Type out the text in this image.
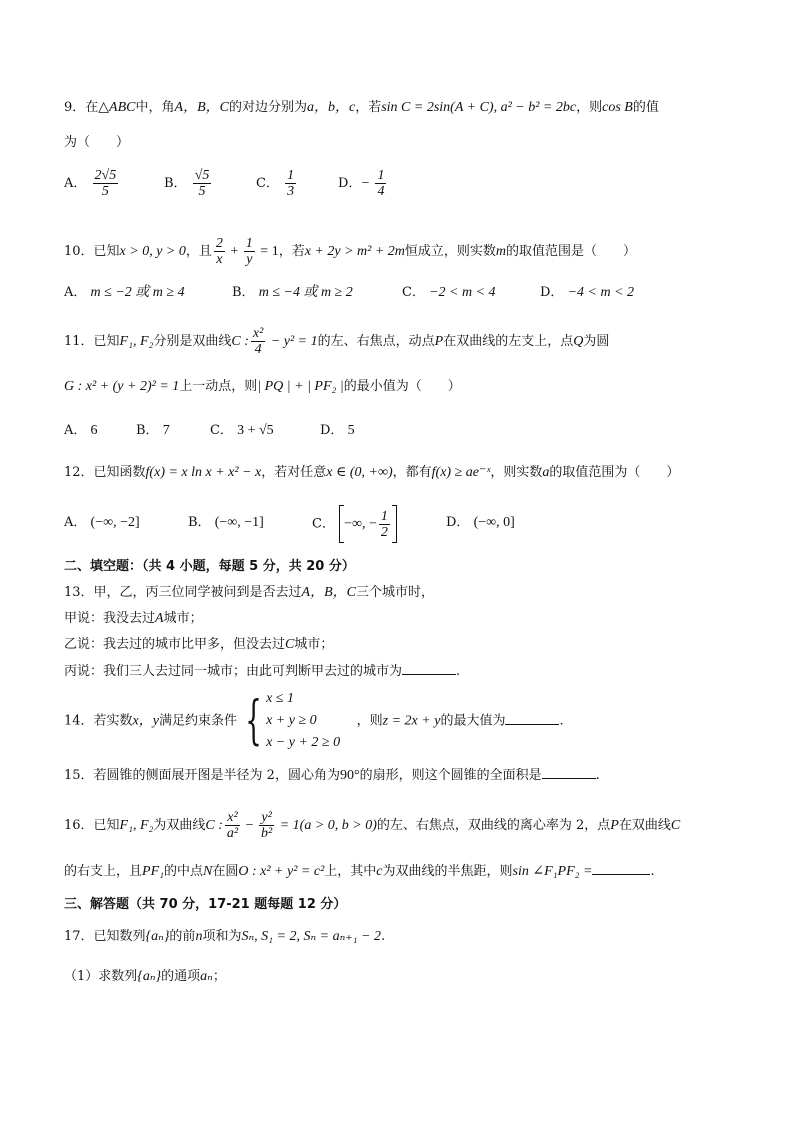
9．在△ABC中，角A，B，C的对边分别为a，b，c，若sin C = 2sin(A + C), a² − b² = 2bc，则cos B的值
为（　　）
A． $\frac{2√5}{5}$	B． $\frac{√5}{5}$	C． $\frac{1}{3}$	D．− $\frac{1}{4}$
10．已知x > 0, y > 0，且 $\frac{2}{x} + \frac{1}{y} = 1$，若x + 2y > m² + 2m恒成立，则实数m的取值范围是（　　）
A． m ≤ −2 或 m ≥ 4	B． m ≤ −4 或 m ≥ 2	C． −2 < m < 4	D． −4 < m < 2
11．已知F₁, F₂分别是双曲线C : $\frac{\text{x²}}{4} - y^2 = 1$的左、右焦点，动点P在双曲线的左支上，点Q为圆
G : x² + (y + 2)² = 1上一动点，则| PQ | + | PF₂ |的最小值为（　　）
A． 6	B． 7	C． 3 + √5	D． 5
12．已知函数f(x) = x ln x + x² − x，若对任意x ∈ (0, +∞)，都有f(x) ≥ ae⁻ˣ，则实数a的取值范围为（　　）
A． (−∞, −2]	B． (−∞, −1]	C． −∞, − $\frac{1}{2}$	D． (−∞, 0]
二、填空题：（共 4 小题，每题 5 分，共 20 分）
13．甲，乙，丙三位同学被问到是否去过A，B，C三个城市时，
甲说：我没去过A城市；
乙说：我去过的城市比甲多，但没去过C城市；
丙说：我们三人去过同一城市；由此可判断甲去过的城市为	.
14．若实数x，y满足约束条件 { x ≤ 1
x + y ≥ 0
x − y + 2 ≥ 0
，则z = 2x + y的最大值为	.
15．若圆锥的侧面展开图是半径为 2，圆心角为90°的扇形，则这个圆锥的全面积是	.
16．已知F₁, F₂为双曲线C : $\frac{\text{x²}}{\text{a²}} - \frac{\text{y²}}{\text{b²}} = 1(a > 0$, b > 0)的左、右焦点，双曲线的离心率为 2，点P在双曲线C
的右支上，且PF₁的中点N在圆O : x² + y² = c²上，其中c为双曲线的半焦距，则sin ∠F₁PF₂ =	.
三、解答题（共 70 分，17-21 题每题 12 分）
17．已知数列{aₙ}的前n项和为Sₙ, S₁ = 2, Sₙ = aₙ₊₁ − 2.
（1）求数列{aₙ}的通项aₙ；
